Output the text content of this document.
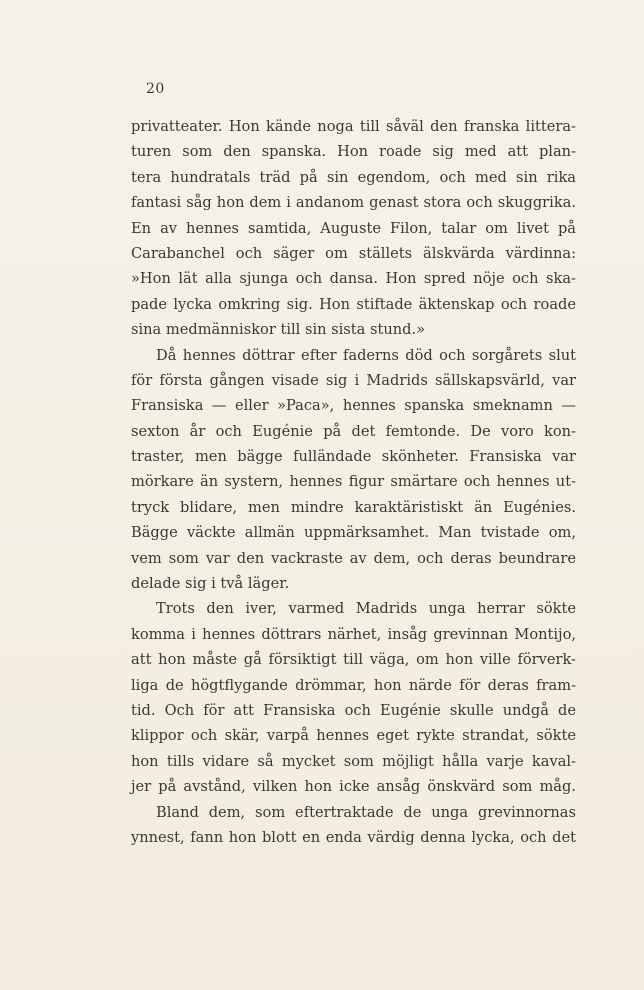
20
privatteater. Hon kände noga till såväl den franska littera-
turen som den spanska. Hon roade sig med att plan-
tera hundratals träd på sin egendom, och med sin rika
fantasi såg hon dem i andanom genast stora och skuggrika.
En av hennes samtida, Auguste Filon, talar om livet på
Carabanchel och säger om ställets älskvärda värdinna:
»Hon lät alla sjunga och dansa. Hon spred nöje och ska-
pade lycka omkring sig. Hon stiftade äktenskap och roade
sina medmänniskor till sin sista stund.»
Då hennes döttrar efter faderns död och sorgårets slut
för första gången visade sig i Madrids sällskapsvärld, var
Fransiska — eller »Paca», hennes spanska smeknamn —
sexton år och Eugénie på det femtonde. De voro kon-
traster, men bägge fulländade skönheter. Fransiska var
mörkare än systern, hennes figur smärtare och hennes ut-
tryck blidare, men mindre karaktäristiskt än Eugénies.
Bägge väckte allmän uppmärksamhet. Man tvistade om,
vem som var den vackraste av dem, och deras beundrare
delade sig i två läger.
Trots den iver, varmed Madrids unga herrar sökte
komma i hennes döttrars närhet, insåg grevinnan Montijo,
att hon måste gå försiktigt till väga, om hon ville förverk-
liga de högtflygande drömmar, hon närde för deras fram-
tid. Och för att Fransiska och Eugénie skulle undgå de
klippor och skär, varpå hennes eget rykte strandat, sökte
hon tills vidare så mycket som möjligt hålla varje kaval-
jer på avstånd, vilken hon icke ansåg önskvärd som måg.
Bland dem, som eftertraktade de unga grevinnornas
ynnest, fann hon blott en enda värdig denna lycka, och det
